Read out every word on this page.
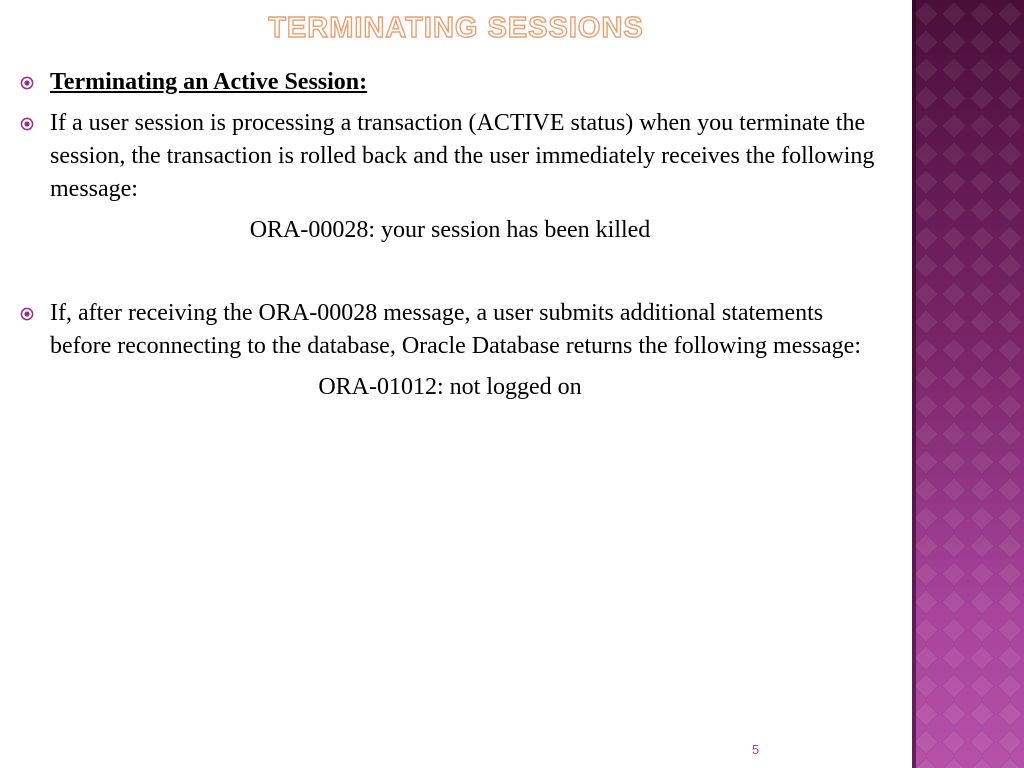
TERMINATING SESSIONS
Terminating an Active Session:
If a user session is processing a transaction (ACTIVE status) when you terminate the session, the transaction is rolled back and the user immediately receives the following message:
ORA-00028: your session has been killed
If, after receiving the ORA-00028 message, a user submits additional statements before reconnecting to the database, Oracle Database returns the following message:
ORA-01012: not logged on
5
